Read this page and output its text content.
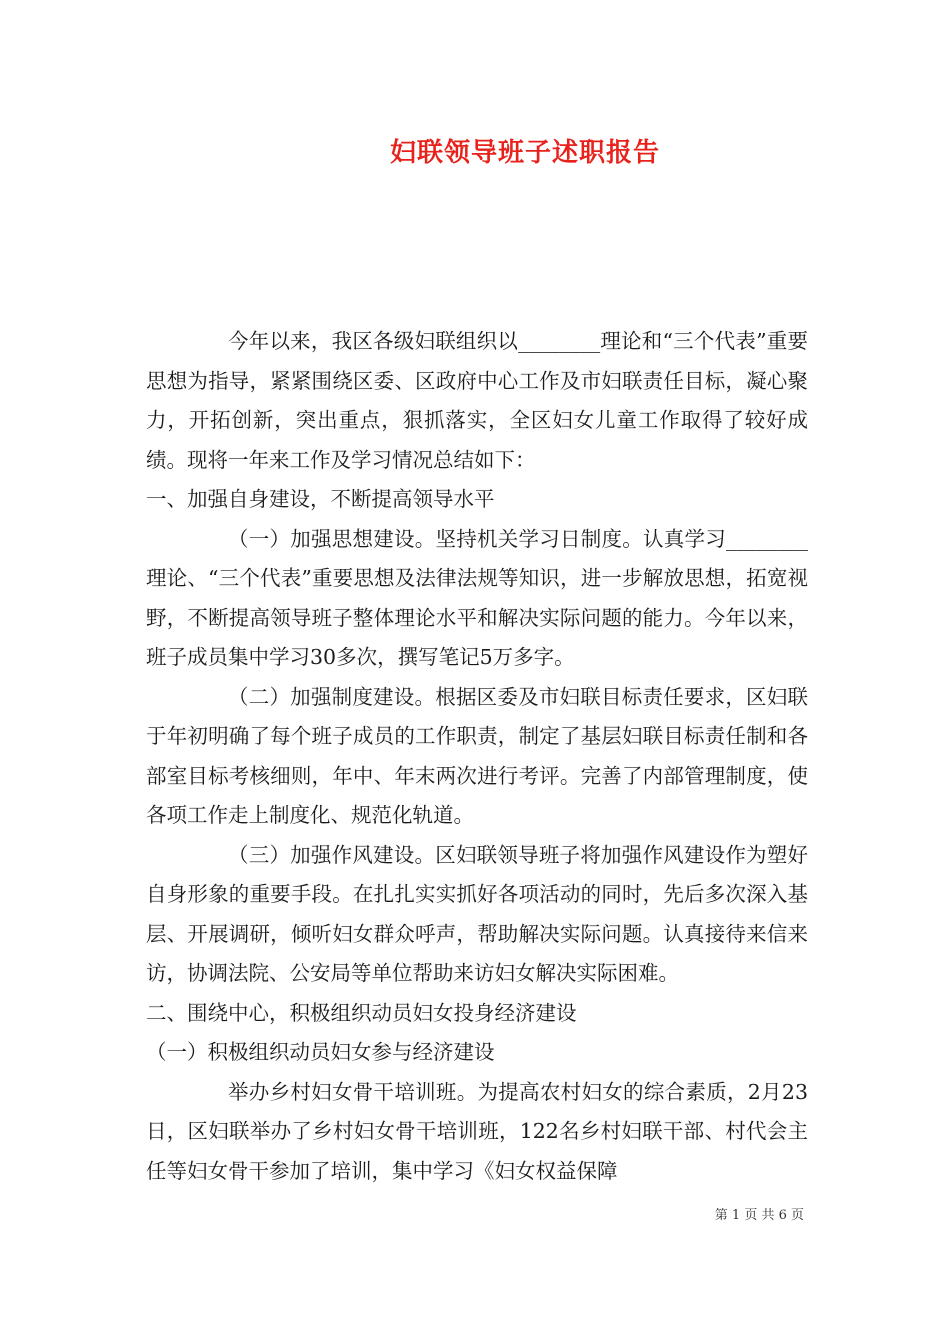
妇联领导班子述职报告

今年以来，我区各级妇联组织以________理论和“三个代表”重要思想为指导，紧紧围绕区委、区政府中心工作及市妇联责任目标，凝心聚力，开拓创新，突出重点，狠抓落实，全区妇女儿童工作取得了较好成绩。现将一年来工作及学习情况总结如下：

一、加强自身建设，不断提高领导水平

（一）加强思想建设。坚持机关学习日制度。认真学习________理论、“三个代表”重要思想及法律法规等知识，进一步解放思想，拓宽视野，不断提高领导班子整体理论水平和解决实际问题的能力。今年以来，班子成员集中学习30多次，撰写笔记5万多字。

（二）加强制度建设。根据区委及市妇联目标责任要求，区妇联于年初明确了每个班子成员的工作职责，制定了基层妇联目标责任制和各部室目标考核细则，年中、年末两次进行考评。完善了内部管理制度，使各项工作走上制度化、规范化轨道。

（三）加强作风建设。区妇联领导班子将加强作风建设作为塑好自身形象的重要手段。在扎扎实实抓好各项活动的同时，先后多次深入基层、开展调研，倾听妇女群众呼声，帮助解决实际问题。认真接待来信来访，协调法院、公安局等单位帮助来访妇女解决实际困难。

二、围绕中心，积极组织动员妇女投身经济建设

（一）积极组织动员妇女参与经济建设

举办乡村妇女骨干培训班。为提高农村妇女的综合素质，2月23日，区妇联举办了乡村妇女骨干培训班，122名乡村妇联干部、村代会主任等妇女骨干参加了培训，集中学习《妇女权益保障

第 1 页 共 6 页
